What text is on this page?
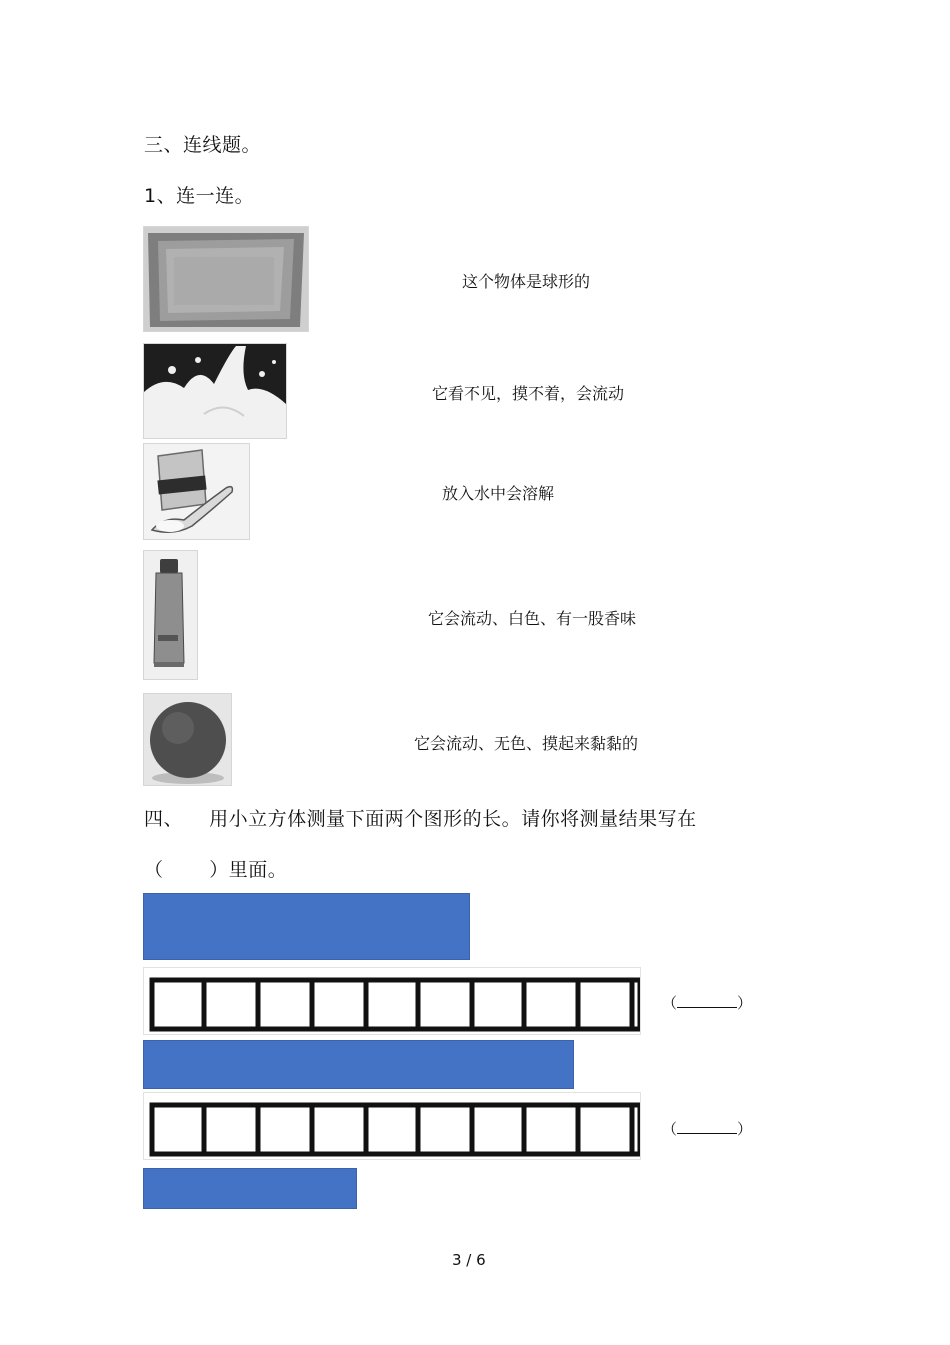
三、连线题。
1、连一连。
这个物体是球形的
它看不见，摸不着，会流动
放入水中会溶解
它会流动、白色、有一股香味
它会流动、无色、摸起来黏黏的
四、    用小立方体测量下面两个图形的长。请你将测量结果写在
（       ）里面。
（	）
（	）
3 / 6
